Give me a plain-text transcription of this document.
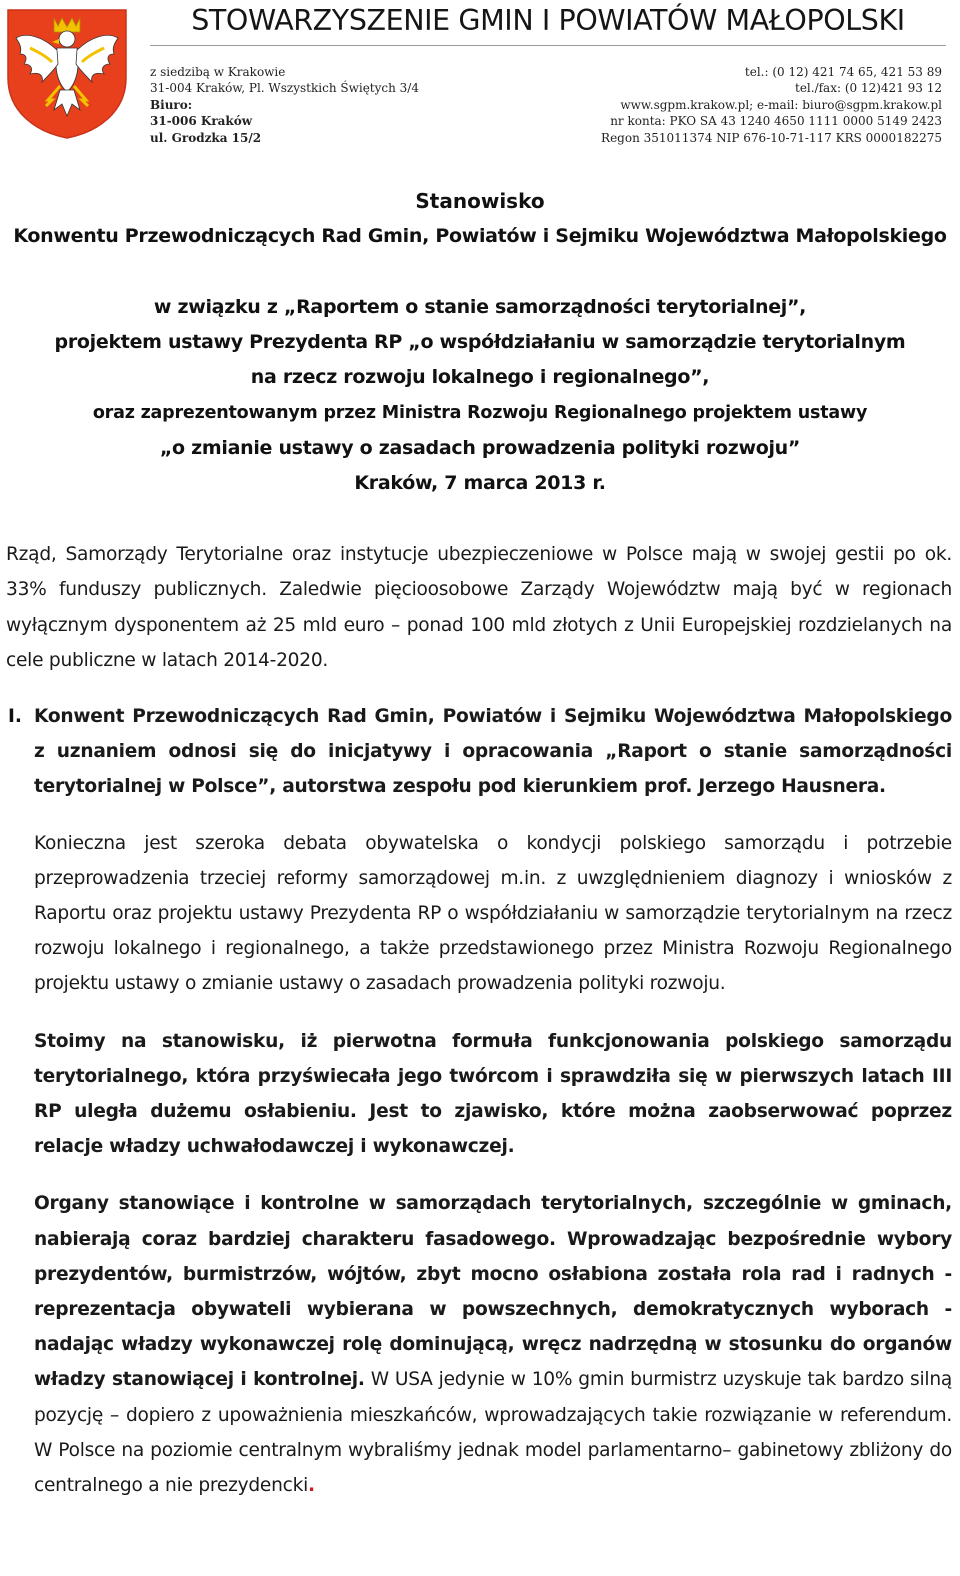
STOWARZYSZENIE GMIN I POWIATÓW MAŁOPOLSKI
z siedzibą w Krakowie
31-004 Kraków, Pl. Wszystkich Świętych 3/4
Biuro:
31-006 Kraków
ul. Grodzka 15/2
tel.: (0 12) 421 74 65, 421 53 89
tel./fax: (0 12)421 93 12
www.sgpm.krakow.pl; e-mail: biuro@sgpm.krakow.pl
nr konta: PKO SA 43 1240 4650 1111 0000 5149 2423
Regon 351011374 NIP 676-10-71-117 KRS 0000182275
Stanowisko
Konwentu Przewodniczących Rad Gmin, Powiatów i Sejmiku Województwa Małopolskiego
w związku z „Raportem o stanie samorządności terytorialnej”,
projektem ustawy Prezydenta RP „o współdziałaniu w samorządzie terytorialnym
na rzecz rozwoju lokalnego i regionalnego”,
oraz zaprezentowanym przez Ministra Rozwoju Regionalnego projektem ustawy
„o zmianie ustawy o zasadach prowadzenia polityki rozwoju”
Kraków, 7 marca 2013 r.

Rząd, Samorządy Terytorialne oraz instytucje ubezpieczeniowe w Polsce mają w swojej gestii po ok. 33% funduszy publicznych. Zaledwie pięcioosobowe Zarządy Województw mają być w regionach wyłącznym dysponentem aż 25 mld euro – ponad 100 mld złotych z Unii Europejskiej rozdzielanych na cele publiczne w latach 2014-2020.

I. Konwent Przewodniczących Rad Gmin, Powiatów i Sejmiku Województwa Małopolskiego z uznaniem odnosi się do inicjatywy i opracowania „Raport o stanie samorządności terytorialnej w Polsce”, autorstwa zespołu pod kierunkiem prof. Jerzego Hausnera.

Konieczna jest szeroka debata obywatelska o kondycji polskiego samorządu i potrzebie przeprowadzenia trzeciej reformy samorządowej m.in. z uwzględnieniem diagnozy i wniosków z Raportu oraz projektu ustawy Prezydenta RP o współdziałaniu w samorządzie terytorialnym na rzecz rozwoju lokalnego i regionalnego, a także przedstawionego przez Ministra Rozwoju Regionalnego projektu ustawy o zmianie ustawy o zasadach prowadzenia polityki rozwoju.

Stoimy na stanowisku, iż pierwotna formuła funkcjonowania polskiego samorządu terytorialnego, która przyświecała jego twórcom i sprawdziła się w pierwszych latach III RP uległa dużemu osłabieniu. Jest to zjawisko, które można zaobserwować poprzez relacje władzy uchwałodawczej i wykonawczej.

Organy stanowiące i kontrolne w samorządach terytorialnych, szczególnie w gminach, nabierają coraz bardziej charakteru fasadowego. Wprowadzając bezpośrednie wybory prezydentów, burmistrzów, wójtów, zbyt mocno osłabiona została rola rad i radnych - reprezentacja obywateli wybierana w powszechnych, demokratycznych wyborach - nadając władzy wykonawczej rolę dominującą, wręcz nadrzędną w stosunku do organów władzy stanowiącej i kontrolnej. W USA jedynie w 10% gmin burmistrz uzyskuje tak bardzo silną pozycję – dopiero z upoważnienia mieszkańców, wprowadzających takie rozwiązanie w referendum. W Polsce na poziomie centralnym wybraliśmy jednak model parlamentarno– gabinetowy zbliżony do centralnego a nie prezydencki.
